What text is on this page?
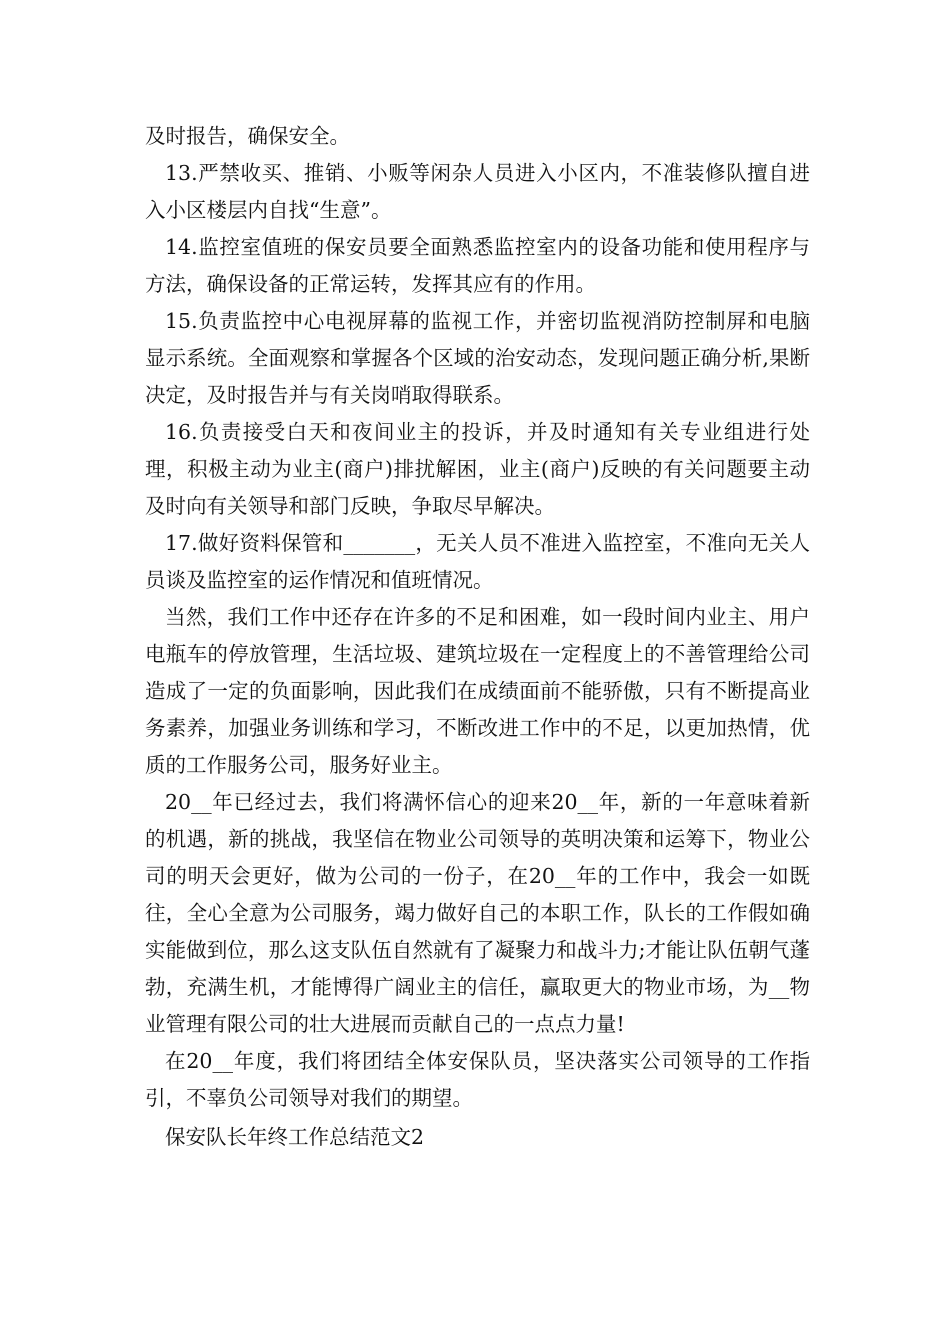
及时报告，确保安全。

13.严禁收买、推销、小贩等闲杂人员进入小区内，不准装修队擅自进入小区楼层内自找“生意”。

14.监控室值班的保安员要全面熟悉监控室内的设备功能和使用程序与方法，确保设备的正常运转，发挥其应有的作用。

15.负责监控中心电视屏幕的监视工作，并密切监视消防控制屏和电脑显示系统。全面观察和掌握各个区域的治安动态，发现问题正确分析,果断决定，及时报告并与有关岗哨取得联系。

16.负责接受白天和夜间业主的投诉，并及时通知有关专业组进行处理，积极主动为业主(商户)排扰解困，业主(商户)反映的有关问题要主动及时向有关领导和部门反映，争取尽早解决。

17.做好资料保管和_______，无关人员不准进入监控室，不准向无关人员谈及监控室的运作情况和值班情况。

当然，我们工作中还存在许多的不足和困难，如一段时间内业主、用户电瓶车的停放管理，生活垃圾、建筑垃圾在一定程度上的不善管理给公司造成了一定的负面影响，因此我们在成绩面前不能骄傲，只有不断提高业务素养，加强业务训练和学习，不断改进工作中的不足，以更加热情，优质的工作服务公司，服务好业主。

20__年已经过去，我们将满怀信心的迎来20__年，新的一年意味着新的机遇，新的挑战，我坚信在物业公司领导的英明决策和运筹下，物业公司的明天会更好，做为公司的一份子，在20__年的工作中，我会一如既往，全心全意为公司服务，竭力做好自己的本职工作，队长的工作假如确实能做到位，那么这支队伍自然就有了凝聚力和战斗力;才能让队伍朝气蓬勃，充满生机，才能博得广阔业主的信任，赢取更大的物业市场，为__物业管理有限公司的壮大进展而贡献自己的一点点力量!

在20__年度，我们将团结全体安保队员，坚决落实公司领导的工作指引，不辜负公司领导对我们的期望。

保安队长年终工作总结范文2
